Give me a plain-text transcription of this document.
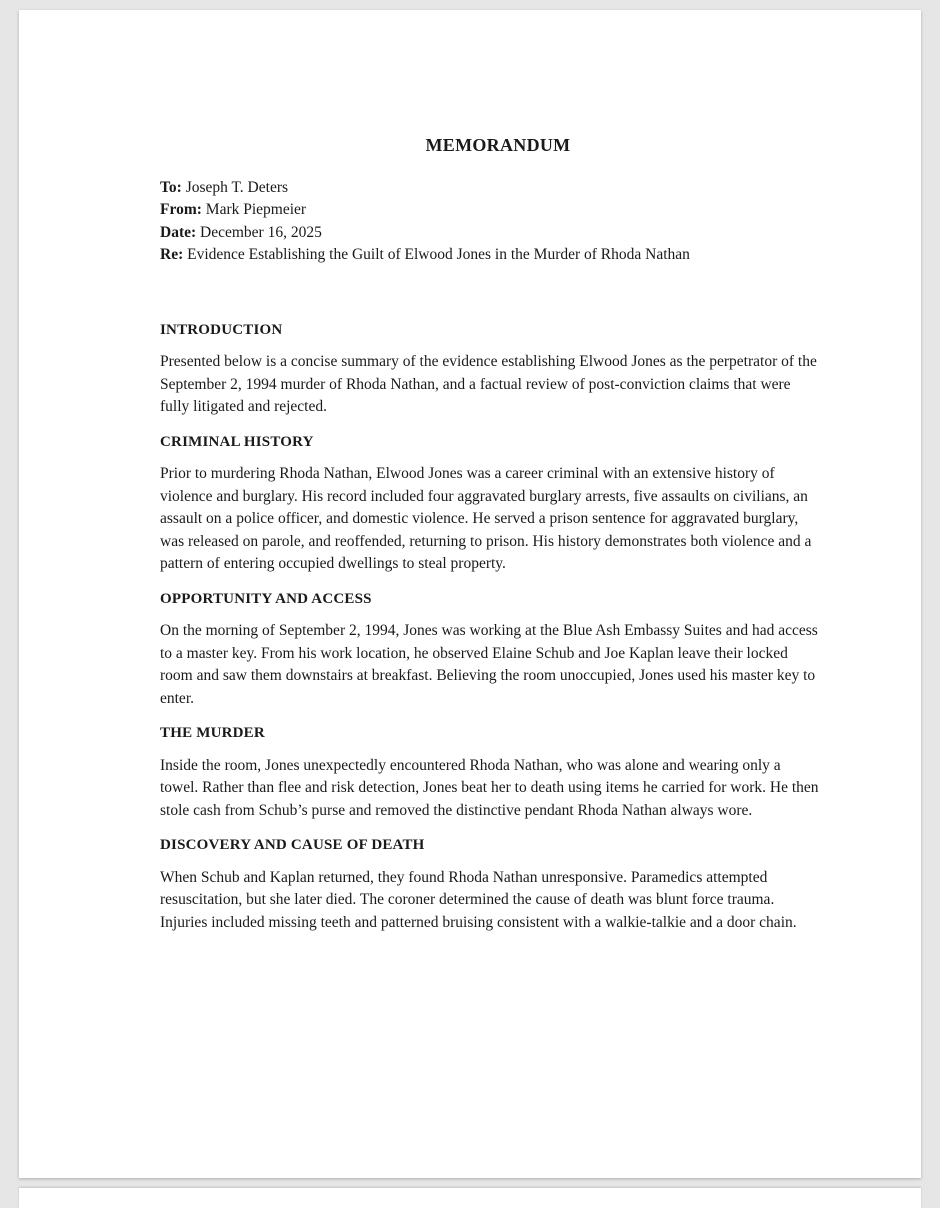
MEMORANDUM

To: Joseph T. Deters

From: Mark Piepmeier

Date: December 16, 2025

Re: Evidence Establishing the Guilt of Elwood Jones in the Murder of Rhoda Nathan

INTRODUCTION

Presented below is a concise summary of the evidence establishing Elwood Jones as the perpetrator of the September 2, 1994 murder of Rhoda Nathan, and a factual review of post-conviction claims that were fully litigated and rejected.

CRIMINAL HISTORY

Prior to murdering Rhoda Nathan, Elwood Jones was a career criminal with an extensive history of violence and burglary. His record included four aggravated burglary arrests, five assaults on civilians, an assault on a police officer, and domestic violence. He served a prison sentence for aggravated burglary, was released on parole, and reoffended, returning to prison. His history demonstrates both violence and a pattern of entering occupied dwellings to steal property.

OPPORTUNITY AND ACCESS

On the morning of September 2, 1994, Jones was working at the Blue Ash Embassy Suites and had access to a master key. From his work location, he observed Elaine Schub and Joe Kaplan leave their locked room and saw them downstairs at breakfast. Believing the room unoccupied, Jones used his master key to enter.

THE MURDER

Inside the room, Jones unexpectedly encountered Rhoda Nathan, who was alone and wearing only a towel. Rather than flee and risk detection, Jones beat her to death using items he carried for work. He then stole cash from Schub’s purse and removed the distinctive pendant Rhoda Nathan always wore.

DISCOVERY AND CAUSE OF DEATH

When Schub and Kaplan returned, they found Rhoda Nathan unresponsive. Paramedics attempted resuscitation, but she later died. The coroner determined the cause of death was blunt force trauma. Injuries included missing teeth and patterned bruising consistent with a walkie-talkie and a door chain.
